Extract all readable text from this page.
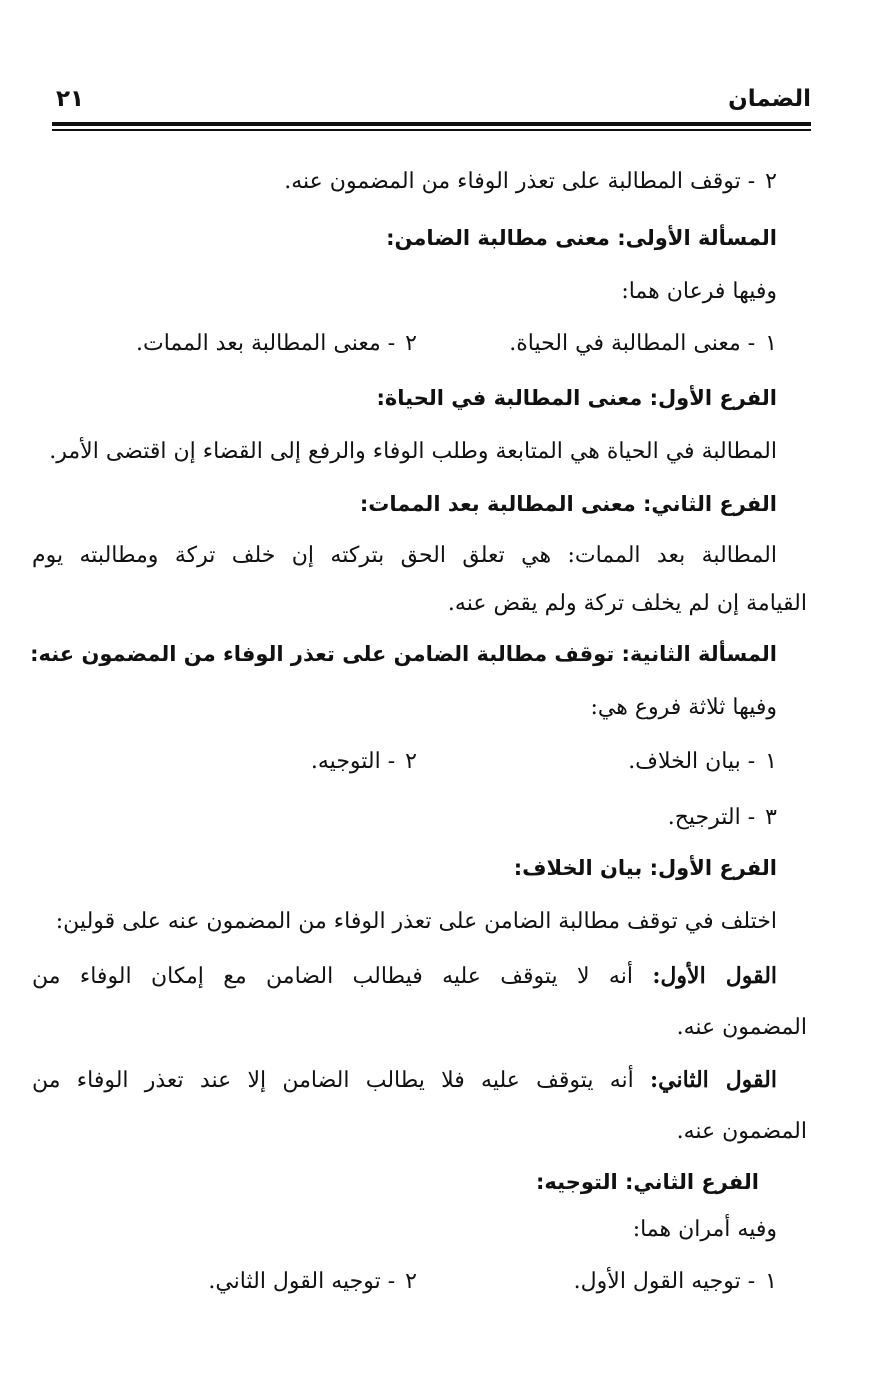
الضمان
٢١
٢- توقف المطالبة على تعذر الوفاء من المضمون عنه.
المسألة الأولى: معنى مطالبة الضامن:
وفيها فرعان هما:
١- معنى المطالبة في الحياة.
٢- معنى المطالبة بعد الممات.
الفرع الأول: معنى المطالبة في الحياة:
المطالبة في الحياة هي المتابعة وطلب الوفاء والرفع إلى القضاء إن اقتضى الأمر.
الفرع الثاني: معنى المطالبة بعد الممات:
المطالبة بعد الممات: هي تعلق الحق بتركته إن خلف تركة ومطالبته يوم
القيامة إن لم يخلف تركة ولم يقض عنه.
المسألة الثانية: توقف مطالبة الضامن على تعذر الوفاء من المضمون عنه:
وفيها ثلاثة فروع هي:
١- بيان الخلاف.
٢- التوجيه.
٣- الترجيح.
الفرع الأول: بيان الخلاف:
اختلف في توقف مطالبة الضامن على تعذر الوفاء من المضمون عنه على قولين:
القول الأول: أنه لا يتوقف عليه فيطالب الضامن مع إمكان الوفاء من
المضمون عنه.
القول الثاني: أنه يتوقف عليه فلا يطالب الضامن إلا عند تعذر الوفاء من
المضمون عنه.
الفرع الثاني: التوجيه:
وفيه أمران هما:
١- توجيه القول الأول.
٢- توجيه القول الثاني.
